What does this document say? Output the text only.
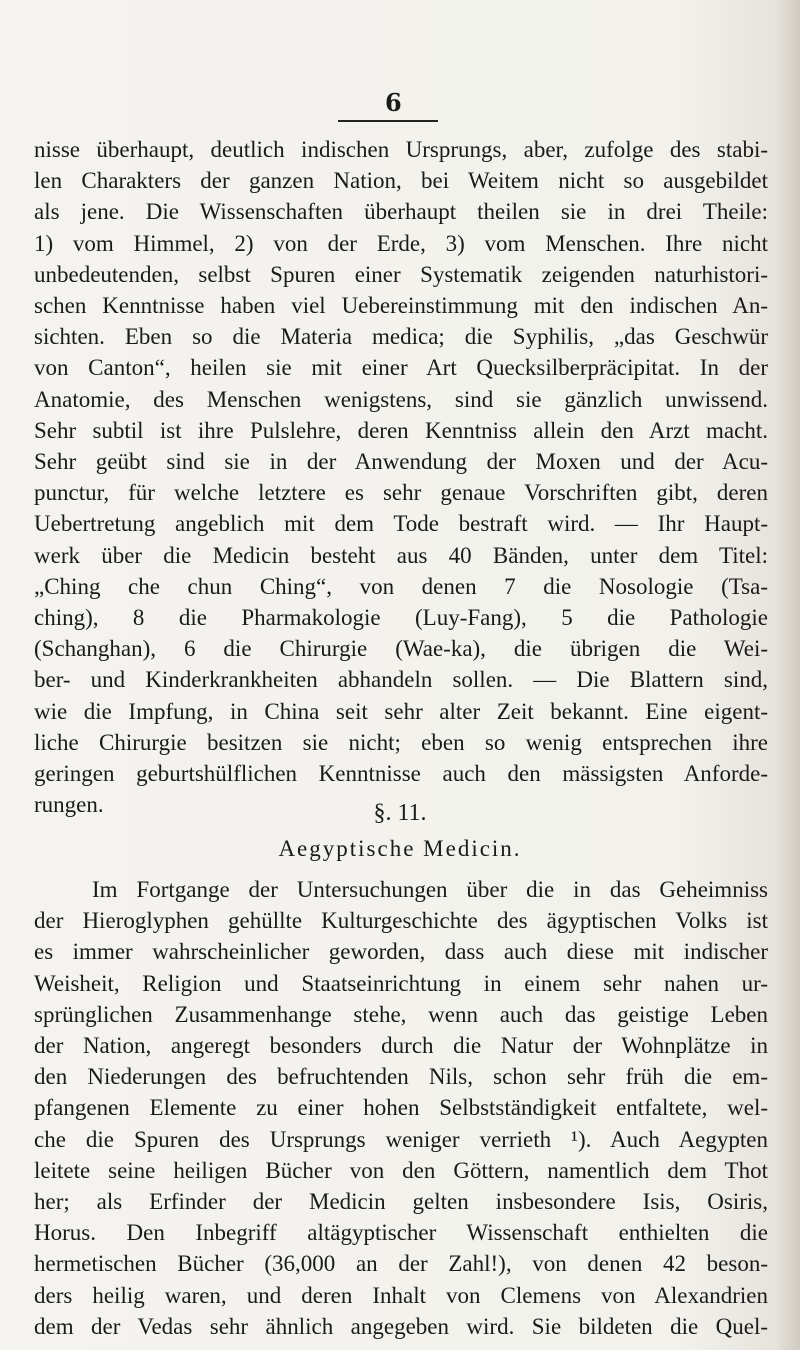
6
nisse überhaupt, deutlich indischen Ursprungs, aber, zufolge des stabi-
len Charakters der ganzen Nation, bei Weitem nicht so ausgebildet
als jene. Die Wissenschaften überhaupt theilen sie in drei Theile:
1) vom Himmel, 2) von der Erde, 3) vom Menschen. Ihre nicht
unbedeutenden, selbst Spuren einer Systematik zeigenden naturhistori-
schen Kenntnisse haben viel Uebereinstimmung mit den indischen An-
sichten. Eben so die Materia medica; die Syphilis, „das Geschwür
von Canton“, heilen sie mit einer Art Quecksilberpräcipitat. In der
Anatomie, des Menschen wenigstens, sind sie gänzlich unwissend.
Sehr subtil ist ihre Pulslehre, deren Kenntniss allein den Arzt macht.
Sehr geübt sind sie in der Anwendung der Moxen und der Acu-
punctur, für welche letztere es sehr genaue Vorschriften gibt, deren
Uebertretung angeblich mit dem Tode bestraft wird. — Ihr Haupt-
werk über die Medicin besteht aus 40 Bänden, unter dem Titel:
„Ching che chun Ching“, von denen 7 die Nosologie (Tsa-
ching), 8 die Pharmakologie (Luy-Fang), 5 die Pathologie
(Schanghan), 6 die Chirurgie (Wae-ka), die übrigen die Wei-
ber- und Kinderkrankheiten abhandeln sollen. — Die Blattern sind,
wie die Impfung, in China seit sehr alter Zeit bekannt. Eine eigent-
liche Chirurgie besitzen sie nicht; eben so wenig entsprechen ihre
geringen geburtshülflichen Kenntnisse auch den mässigsten Anforde-
rungen.	§. 11.
Aegyptische Medicin.
Im Fortgange der Untersuchungen über die in das Geheimniss
der Hieroglyphen gehüllte Kulturgeschichte des ägyptischen Volks ist
es immer wahrscheinlicher geworden, dass auch diese mit indischer
Weisheit, Religion und Staatseinrichtung in einem sehr nahen ur-
sprünglichen Zusammenhange stehe, wenn auch das geistige Leben
der Nation, angeregt besonders durch die Natur der Wohnplätze in
den Niederungen des befruchtenden Nils, schon sehr früh die em-
pfangenen Elemente zu einer hohen Selbstständigkeit entfaltete, wel-
che die Spuren des Ursprungs weniger verrieth ¹). Auch Aegypten
leitete seine heiligen Bücher von den Göttern, namentlich dem Thot
her; als Erfinder der Medicin gelten insbesondere Isis, Osiris,
Horus. Den Inbegriff altägyptischer Wissenschaft enthielten die
hermetischen Bücher (36,000 an der Zahl!), von denen 42 beson-
ders heilig waren, und deren Inhalt von Clemens von Alexandrien
dem der Vedas sehr ähnlich angegeben wird. Sie bildeten die Quel-
